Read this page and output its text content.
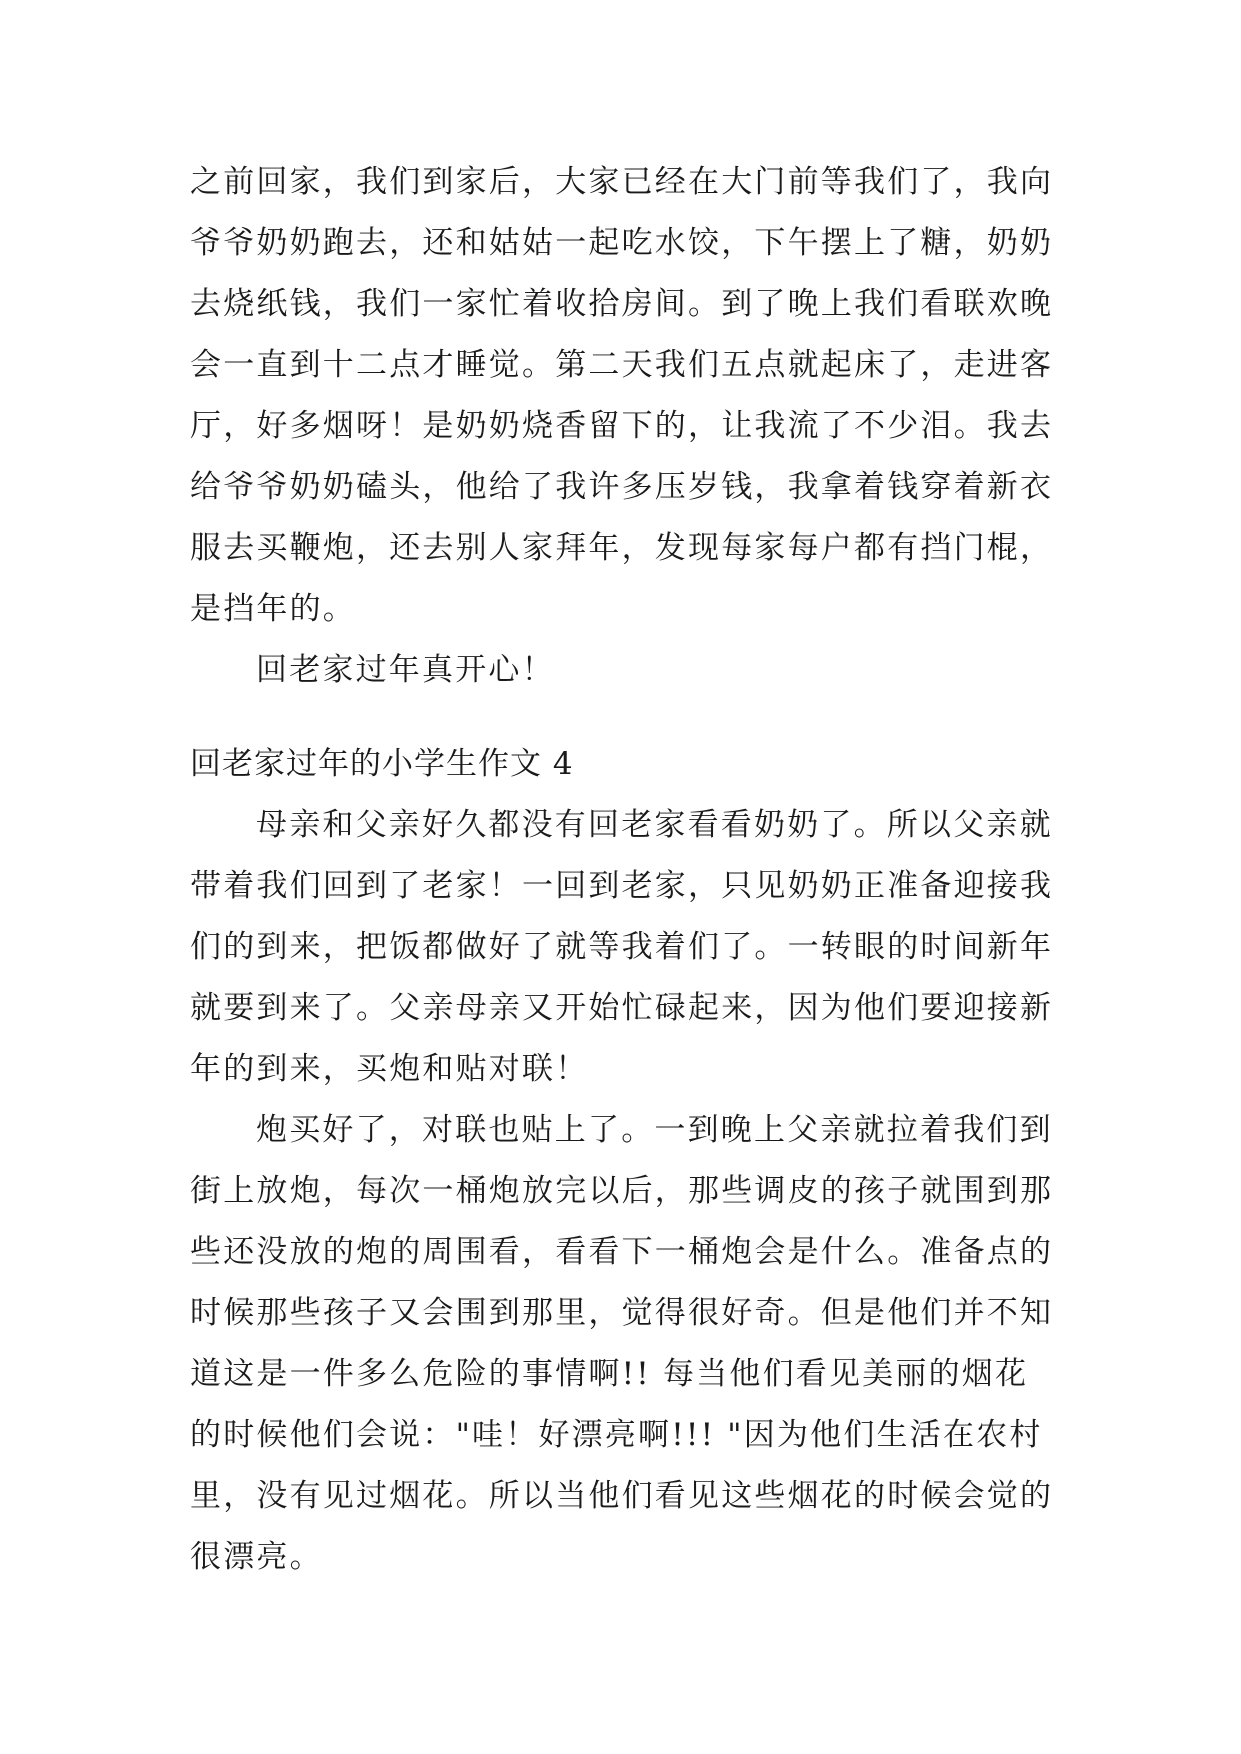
之前回家，我们到家后，大家已经在大门前等我们了，我向
爷爷奶奶跑去，还和姑姑一起吃水饺，下午摆上了糖，奶奶
去烧纸钱，我们一家忙着收拾房间。到了晚上我们看联欢晚
会一直到十二点才睡觉。第二天我们五点就起床了，走进客
厅，好多烟呀！是奶奶烧香留下的，让我流了不少泪。我去
给爷爷奶奶磕头，他给了我许多压岁钱，我拿着钱穿着新衣
服去买鞭炮，还去别人家拜年，发现每家每户都有挡门棍，
是挡年的。
回老家过年真开心！
回老家过年的小学生作文 4
母亲和父亲好久都没有回老家看看奶奶了。所以父亲就
带着我们回到了老家！一回到老家，只见奶奶正准备迎接我
们的到来，把饭都做好了就等我着们了。一转眼的时间新年
就要到来了。父亲母亲又开始忙碌起来，因为他们要迎接新
年的到来，买炮和贴对联！
炮买好了，对联也贴上了。一到晚上父亲就拉着我们到
街上放炮，每次一桶炮放完以后，那些调皮的孩子就围到那
些还没放的炮的周围看，看看下一桶炮会是什么。准备点的
时候那些孩子又会围到那里，觉得很好奇。但是他们并不知
道这是一件多么危险的事情啊!! 每当他们看见美丽的烟花
的时候他们会说："哇！好漂亮啊!!! "因为他们生活在农村
里，没有见过烟花。所以当他们看见这些烟花的时候会觉的
很漂亮。
